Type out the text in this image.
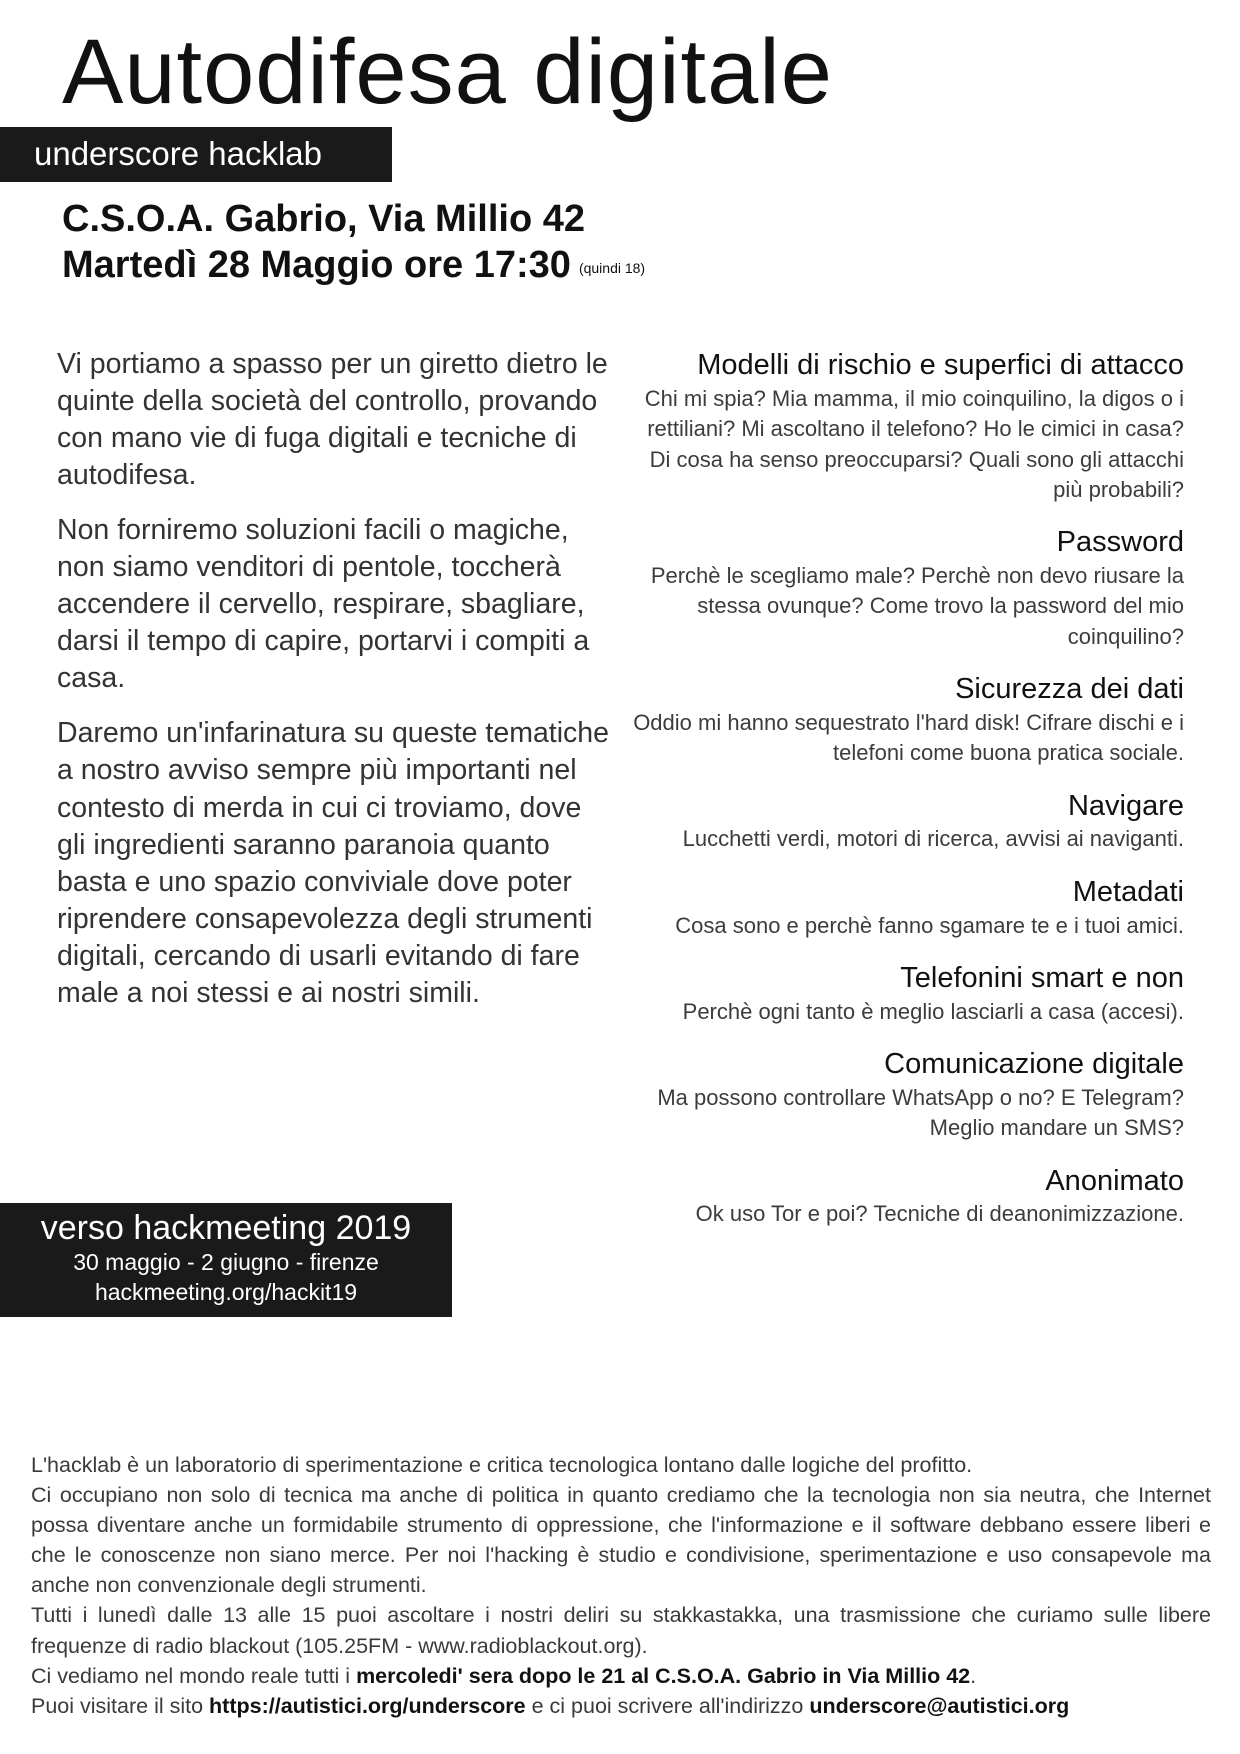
Autodifesa digitale
underscore hacklab
C.S.O.A. Gabrio, Via Millio 42
Martedì 28 Maggio ore 17:30 (quindi 18)

Vi portiamo a spasso per un giretto dietro le quinte della società del controllo, provando con mano vie di fuga digitali e tecniche di autodifesa.

Non forniremo soluzioni facili o magiche, non siamo venditori di pentole, toccherà accendere il cervello, respirare, sbagliare, darsi il tempo di capire, portarvi i compiti a casa.

Daremo un'infarinatura su queste tematiche a nostro avviso sempre più importanti nel contesto di merda in cui ci troviamo, dove gli ingredienti saranno paranoia quanto basta e uno spazio conviviale dove poter riprendere consapevolezza degli strumenti digitali, cercando di usarli evitando di fare male a noi stessi e ai nostri simili.

Modelli di rischio e superfici di attacco

Chi mi spia? Mia mamma, il mio coinquilino, la digos o i rettiliani? Mi ascoltano il telefono? Ho le cimici in casa? Di cosa ha senso preoccuparsi? Quali sono gli attacchi più probabili?

Password

Perchè le scegliamo male? Perchè non devo riusare la stessa ovunque? Come trovo la password del mio coinquilino?

Sicurezza dei dati

Oddio mi hanno sequestrato l'hard disk! Cifrare dischi e i telefoni come buona pratica sociale.

Navigare

Lucchetti verdi, motori di ricerca, avvisi ai naviganti.

Metadati

Cosa sono e perchè fanno sgamare te e i tuoi amici.

Telefonini smart e non

Perchè ogni tanto è meglio lasciarli a casa (accesi).

Comunicazione digitale

Ma possono controllare WhatsApp o no? E Telegram? Meglio mandare un SMS?

Anonimato

Ok uso Tor e poi? Tecniche di deanonimizzazione.

verso hackmeeting 2019
30 maggio - 2 giugno - firenze
hackmeeting.org/hackit19

L'hacklab è un laboratorio di sperimentazione e critica tecnologica lontano dalle logiche del profitto.

Ci occupiano non solo di tecnica ma anche di politica in quanto crediamo che la tecnologia non sia neutra, che Internet possa diventare anche un formidabile strumento di oppressione, che l'informazione e il software debbano essere liberi e che le conoscenze non siano merce. Per noi l'hacking è studio e condivisione, sperimentazione e uso consapevole ma anche non convenzionale degli strumenti.

Tutti i lunedì dalle 13 alle 15 puoi ascoltare i nostri deliri su stakkastakka, una trasmissione che curiamo sulle libere frequenze di radio blackout (105.25FM - www.radioblackout.org).

Ci vediamo nel mondo reale tutti i mercoledi' sera dopo le 21 al C.S.O.A. Gabrio in Via Millio 42.

Puoi visitare il sito https://autistici.org/underscore e ci puoi scrivere all'indirizzo underscore@autistici.org
